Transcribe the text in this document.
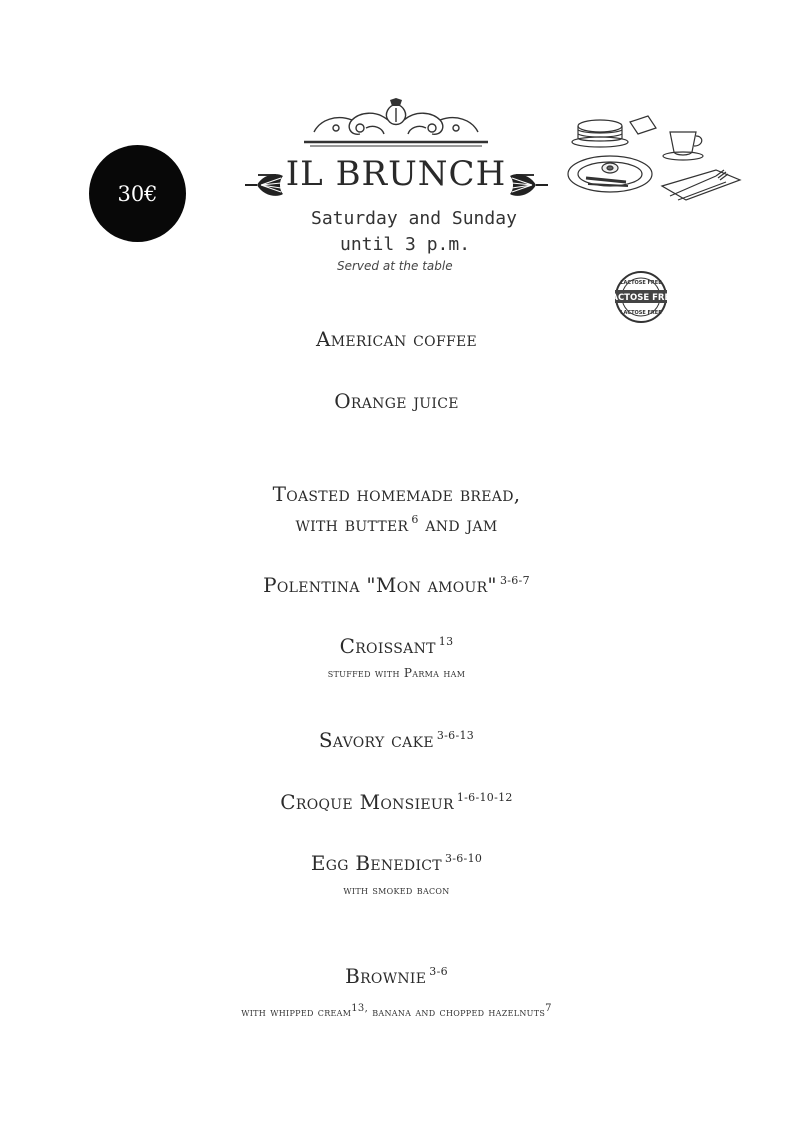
30€	IL BRUNCH
Saturday and Sunday
until 3 p.m.
Served at the table
LACTOSE FREE
LACTOSE FREE
LACTOSE FREE
American coffee
Orange juice
Toasted homemade bread,
with butter $^6$ and jam
Polentina "Mon amour" $^{3-6-7}$
Croissant $^{13}$
stuffed with Parma ham
Savory cake $^{3-6-13}$
Croque Monsieur $^{1-6-10-12}$
Egg Benedict $^{3-6-10}$
with smoked bacon
Brownie $^{3-6}$
with whipped cream$^{13,}$ banana and chopped hazelnuts$^7$
